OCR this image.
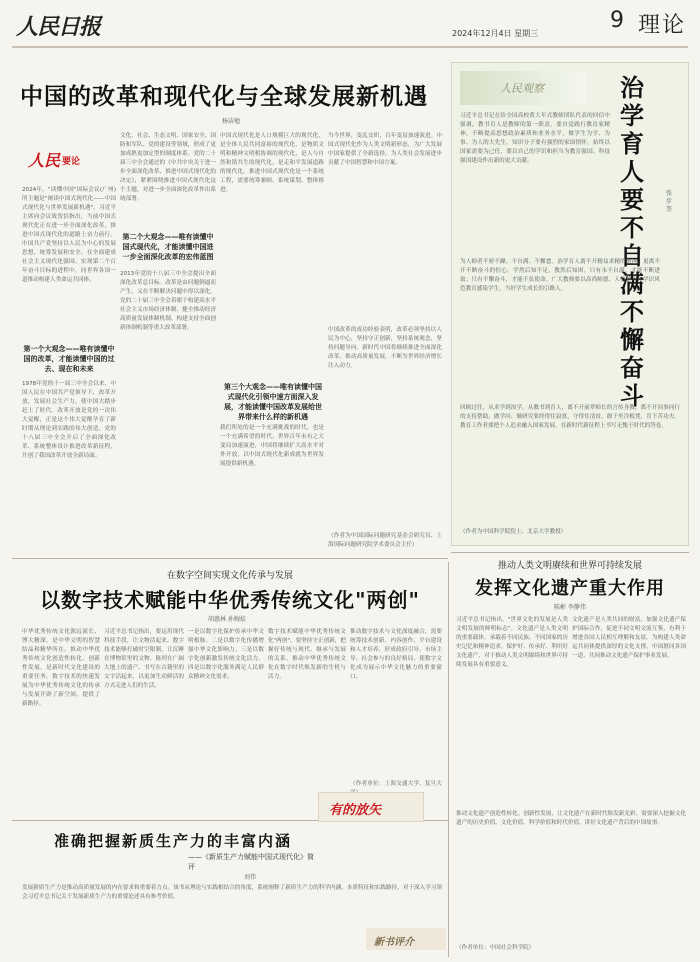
人民日报	2024年12月4日 星期三
9 理论
中国的改革和现代化与全球发展新机遇
杨洁勉
人民 要论
2024年，"读懂中国"国际会议(广州)所主题是"阐读中国式现代化——中国式现代化与世界发展新机遇"。习近平主席向会议致贺信指出，当前中国式现代化正在进一步全面深化改革，推进中国式现代化的道路上奋力前行。中国共产党坚持以人民为中心的发展思想，统筹发展和安全，在全面建成社会主义现代化强国、实现第二个百年奋斗目标的进程中，同世界各国一道推动构建人类命运共同体。
第一个大观念——唯有读懂中国的改革，才能读懂中国的过去、现在和未来
1978年党的十一届三中全会以来，中国人民在中国共产党领导下，改革开放，发展社会生产力，使中国大踏步赶上了时代。改革开放是党的一次伟大觉醒，正是这个伟大觉醒孕育了新时期从理论到实践的伟大创造。党的十八届三中全会开启了全面深化改革、系统整体设计推进改革新征程，开创了我国改革开放全新局面。
文化、社会、生态文明、国家安全、国防和军队、党的建设等领域，形成了更加成熟更加定型的制度体系。党的二十届三中全会通过的《中共中央关于进一步全面深化改革、推进中国式现代化的决定》，紧紧围绕推进中国式现代化这个主题，对进一步全面深化改革作出系统部署。
第二个大观念——唯有读懂中国式现代化，才能读懂中国进一步全面深化改革的宏伟蓝图
2013年党的十八届三中全会提出全面深化改革总目标。改革是由问题倒逼而产生，又在不断解决问题中得以深化。党的二十届三中全会着眼于构建高水平社会主义市场经济体制、健全推动经济高质量发展体制机制、构建支持全面创新体制机制等重大改革部署。
中国式现代化是人口规模巨大的现代化，是全体人民共同富裕的现代化，是物质文明和精神文明相协调的现代化，是人与自然和谐共生的现代化，是走和平发展道路的现代化。推进中国式现代化是一个系统工程，需要统筹兼顾、系统谋划、整体推进。
第三个大观念——唯有读懂中国式现代化引领中速方面深入发展，才能读懂中国改革发展给世界带来什么样的新机遇
我们所处的是一个充满挑战的时代，也是一个充满希望的时代。世界百年未有之大变局加速演进，中国将继续扩大高水平对外开放，以中国式现代化新成就为世界发展提供新机遇。
当今世界，变乱交织，百年变局加速演进。中国式现代化作为人类文明新形态，为广大发展中国家提供了全新选择，为人类社会发展进步贡献了中国智慧和中国方案。
中国改革的成功经验表明，改革必须坚持以人民为中心，坚持守正创新，坚持系统观念，坚持问题导向。新时代中国将继续推进全面深化改革，推动高质量发展，不断为世界经济增长注入动力。
（作者为中国国际问题研究基金会研究员、上海国际问题研究院学术委员会主任）
人民观察	治学育人要不自满不懈奋斗
张步奎
习近平总书记在给全国高校黄大年式教师团队代表的回信中强调，教书育人是教师的第一职责，要自觉践行教育家精神，不断提高思想政治素质和业务水平，做学生为学、为事、为人的大先生。知识分子要有强烈的家国情怀，始终以国家需要为己任，要以自己的学识和担当为教育强国、科技强国建设作出新的更大贡献。
为人师者不骄不躁、不自满、不懈怠。治学育人离不开精益求精的精神，更离不开不断奋斗的恒心。学然后知不足，教然后知困。只有永不自满，才能不断进取；只有不懈奋斗，才能不负使命。广大教师要以高尚师德、人格魅力和学识风范教育感染学生，当好学生成长的引路人。
回顾过往，从求学到治学，从教书到育人，离不开前辈师长的言传身教，离不开同事同行的支持帮助。做学问、做研究要经得住寂寞，守得住清贫，敢于坐冷板凳，肯下苦功夫。教育工作者要把个人追求融入国家发展，在新时代新征程上书写无愧于时代的答卷。
（作者为中国科学院院士、北京大学教授）
在数字空间实现文化传承与发展
以数字技术赋能中华优秀传统文化"两创"
胡惠林 孙婉炫
中华优秀传统文化源远流长、博大精深，是中华文明的智慧结晶和精华所在。推动中华优秀传统文化创造性转化、创新性发展，是新时代文化建设的重要任务。数字技术的快速发展为中华优秀传统文化的传承与发展开辟了新空间、提供了新路径。
习近平总书记指出，要运用现代科技手段，让文物活起来。数字技术能够打破时空限制，让沉睡在博物馆里的文物、陈列在广阔大地上的遗产、书写在古籍里的文字活起来，以更加生动鲜活的方式走进人们的生活。
一是以数字化保护传承中华文明根脉。二是以数字化传播增强中华文化影响力。三是以数字化创新激发传统文化活力。四是以数字化服务满足人民群众精神文化需求。
数字技术赋能中华优秀传统文化"两创"，要坚持守正创新，把握好传统与现代、继承与发展的关系，推动中华优秀传统文化在数字时代焕发新的生机与活力。
推动数字技术与文化深度融合，需要统筹技术创新、内容创作、平台建设和人才培养，形成政府引导、市场主导、社会参与的良好格局，使数字文化成为展示中华文化魅力的重要窗口。
（作者单位：上海交通大学、复旦大
有的放矢
推动人类文明赓续和世界可持续发展
发挥文化遗产重大作用
陈彬 李静伟
习近平总书记指出，"世界文化的发展是人类文明发展的鲜明标志"。文化遗产是人类文明的重要载体，承载着不同民族、不同国家的历史记忆和精神追求。保护好、传承好、利用好文化遗产，对于推动人类文明赓续和世界可持续发展具有重要意义。
文化遗产是人类共同的财富。加强文化遗产保护国际合作，促进不同文明交流互鉴，有利于增进各国人民相互理解和友谊，为构建人类命运共同体提供深厚的文化支撑。中国愿同各国一道，共同推动文化遗产保护事业发展。
推动文化遗产创造性转化、创新性发展，让文化遗产在新时代焕发新光彩，需要深入挖掘文化遗产的历史价值、文化价值、科学价值和时代价值，讲好文化遗产背后的中国故事。
（作者单位：中国社会科学院）
准确把握新质生产力的丰富内涵
——《新质生产力赋能中国式现代化》简评
刘伟
发展新质生产力是推动高质量发展的内在要求和重要着力点。该书从理论与实践相结合的角度，系统阐释了新质生产力的科学内涵、本质特征和实践路径，对于深入学习领会习近平总书记关于发展新质生产力的重要论述具有参考价值。
新书评介
